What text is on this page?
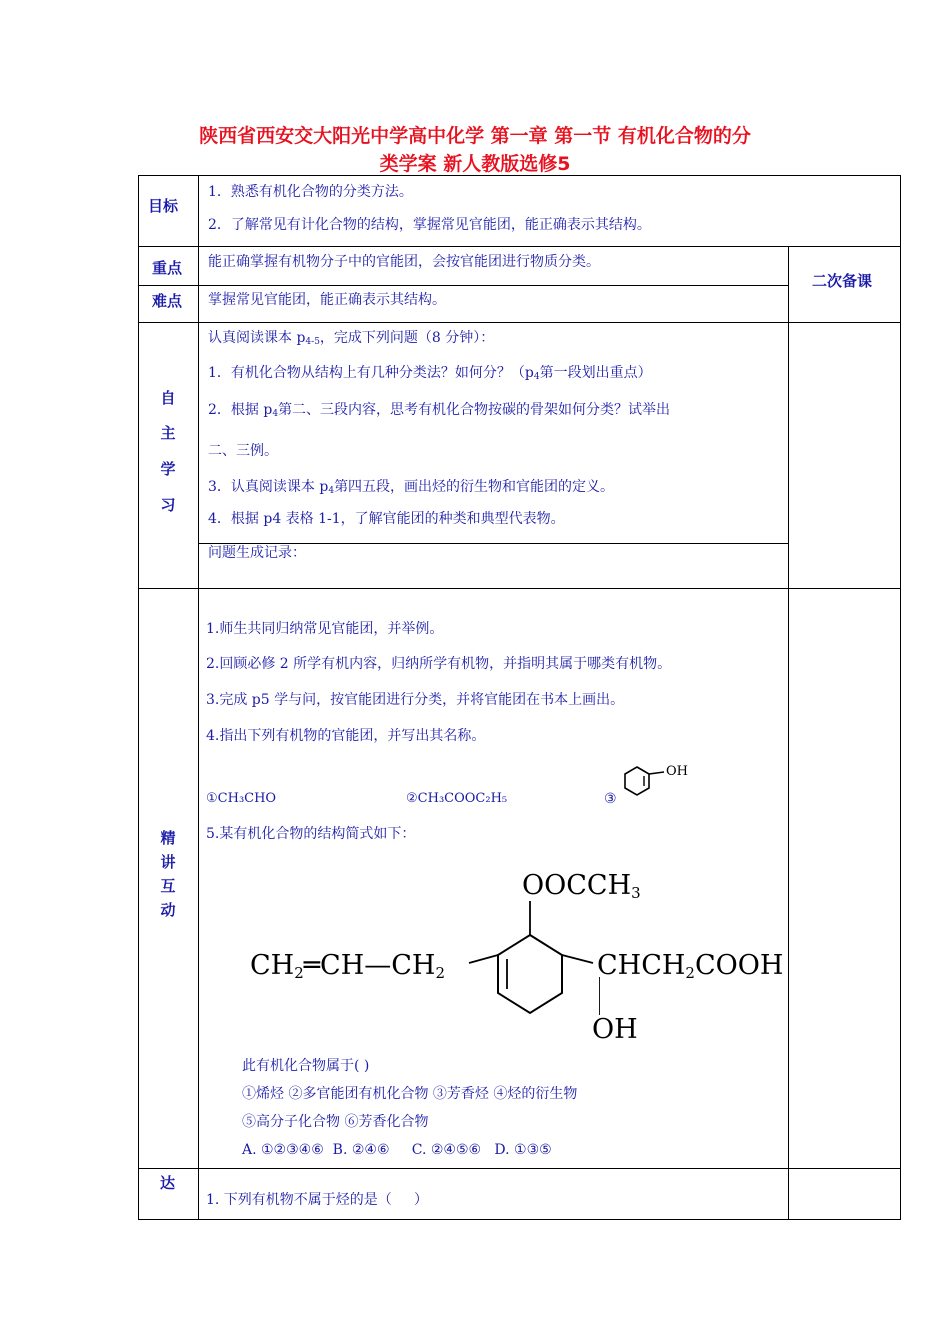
陕西省西安交大阳光中学高中化学 第一章 第一节 有机化合物的分
类学案 新人教版选修5
目标
1．熟悉有机化合物的分类方法。
2．了解常见有计化合物的结构，掌握常见官能团，能正确表示其结构。
重点 能正确掌握有机物分子中的官能团，会按官能团进行物质分类。
难点 掌握常见官能团，能正确表示其结构。
二次备课
自
主
学
习
认真阅读课本 $p_{4-5}$，完成下列问题（8 分钟）：
1．有机化合物从结构上有几种分类法？如何分？（$p_4$第一段划出重点）
2．根据 $p_4$第二、三段内容，思考有机化合物按碳的骨架如何分类？试举出
二、三例。
3．认真阅读课本 $p_4$第四五段，画出烃的衍生物和官能团的定义。
4．根据 p4 表格 1-1，了解官能团的种类和典型代表物。
问题生成记录：
精
讲
互
动
1.师生共同归纳常见官能团，并举例。
2.回顾必修 2 所学有机内容，归纳所学有机物，并指明其属于哪类有机物。
3.完成 p5 学与问，按官能团进行分类，并将官能团在书本上画出。
4.指出下列有机物的官能团，并写出其名称。
①CH₃CHO	②CH₃COOC₂H₅	③
OH
5.某有机化合物的结构简式如下：
$OOCCH_3$
$CH_2═CH—CH_2$	$CHCH_2COOH$
OH
此有机化合物属于( )
①烯烃 ②多官能团有机化合物 ③芳香烃 ④烃的衍生物
⑤高分子化合物 ⑥芳香化合物
A. ①②③④⑥  B. ②④⑥     C. ②④⑤⑥   D. ①③⑤
达
1. 下列有机物不属于烃的是（     ）
